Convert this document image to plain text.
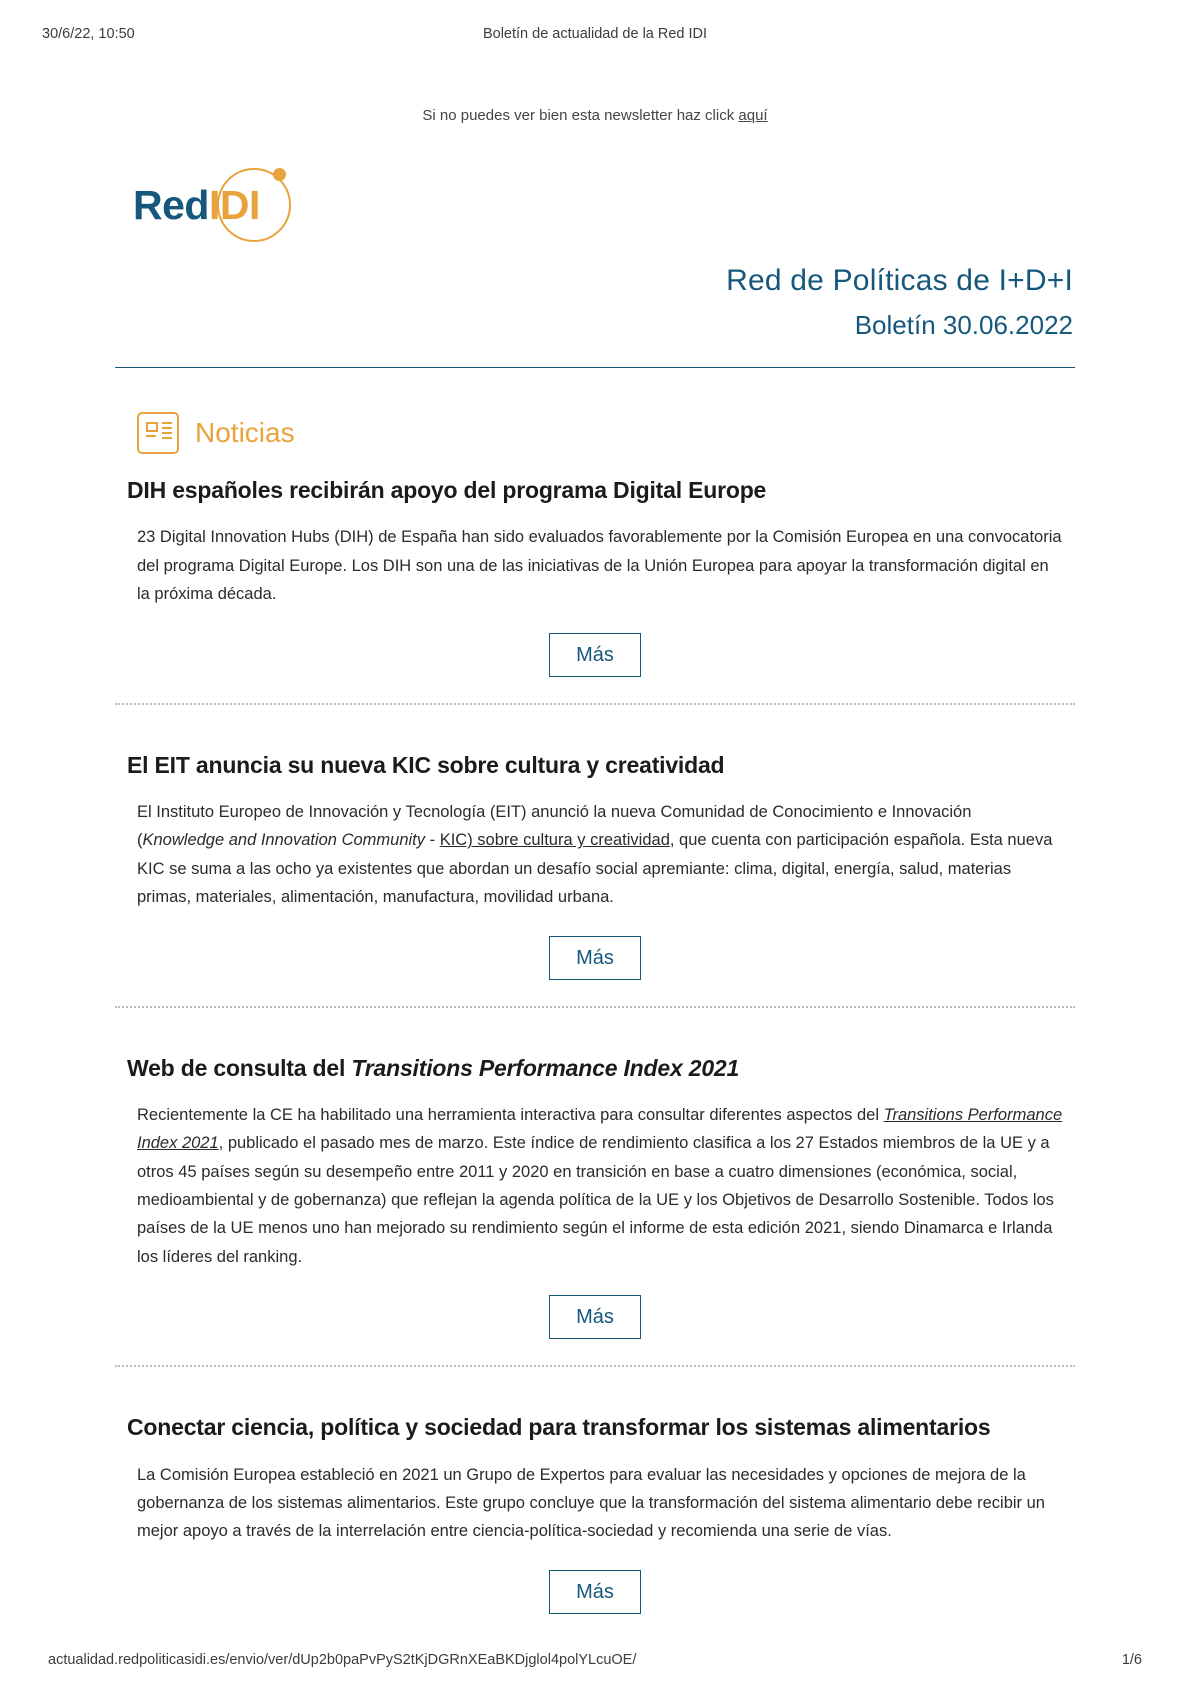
30/6/22, 10:50	Boletín de actualidad de la Red IDI
Si no puedes ver bien esta newsletter haz click aquí
RedIDI
Red de Políticas de I+D+I
Boletín 30.06.2022
Noticias
DIH españoles recibirán apoyo del programa Digital Europe

23 Digital Innovation Hubs (DIH) de España han sido evaluados favorablemente por la Comisión Europea en una convocatoria del programa Digital Europe. Los DIH son una de las iniciativas de la Unión Europea para apoyar la transformación digital en la próxima década.

Más
El EIT anuncia su nueva KIC sobre cultura y creatividad

El Instituto Europeo de Innovación y Tecnología (EIT) anunció la nueva Comunidad de Conocimiento e Innovación (Knowledge and Innovation Community - KIC) sobre cultura y creatividad, que cuenta con participación española. Esta nueva KIC se suma a las ocho ya existentes que abordan un desafío social apremiante: clima, digital, energía, salud, materias primas, materiales, alimentación, manufactura, movilidad urbana.

Más
Web de consulta del Transitions Performance Index 2021

Recientemente la CE ha habilitado una herramienta interactiva para consultar diferentes aspectos del Transitions Performance Index 2021, publicado el pasado mes de marzo. Este índice de rendimiento clasifica a los 27 Estados miembros de la UE y a otros 45 países según su desempeño entre 2011 y 2020 en transición en base a cuatro dimensiones (económica, social, medioambiental y de gobernanza) que reflejan la agenda política de la UE y los Objetivos de Desarrollo Sostenible. Todos los países de la UE menos uno han mejorado su rendimiento según el informe de esta edición 2021, siendo Dinamarca e Irlanda los líderes del ranking.

Más
Conectar ciencia, política y sociedad para transformar los sistemas alimentarios

La Comisión Europea estableció en 2021 un Grupo de Expertos para evaluar las necesidades y opciones de mejora de la gobernanza de los sistemas alimentarios. Este grupo concluye que la transformación del sistema alimentario debe recibir un mejor apoyo a través de la interrelación entre ciencia-política-sociedad y recomienda una serie de vías.

Más
actualidad.redpoliticasidi.es/envio/ver/dUp2b0paPvPyS2tKjDGRnXEaBKDjglol4polYLcuOE/	1/6
